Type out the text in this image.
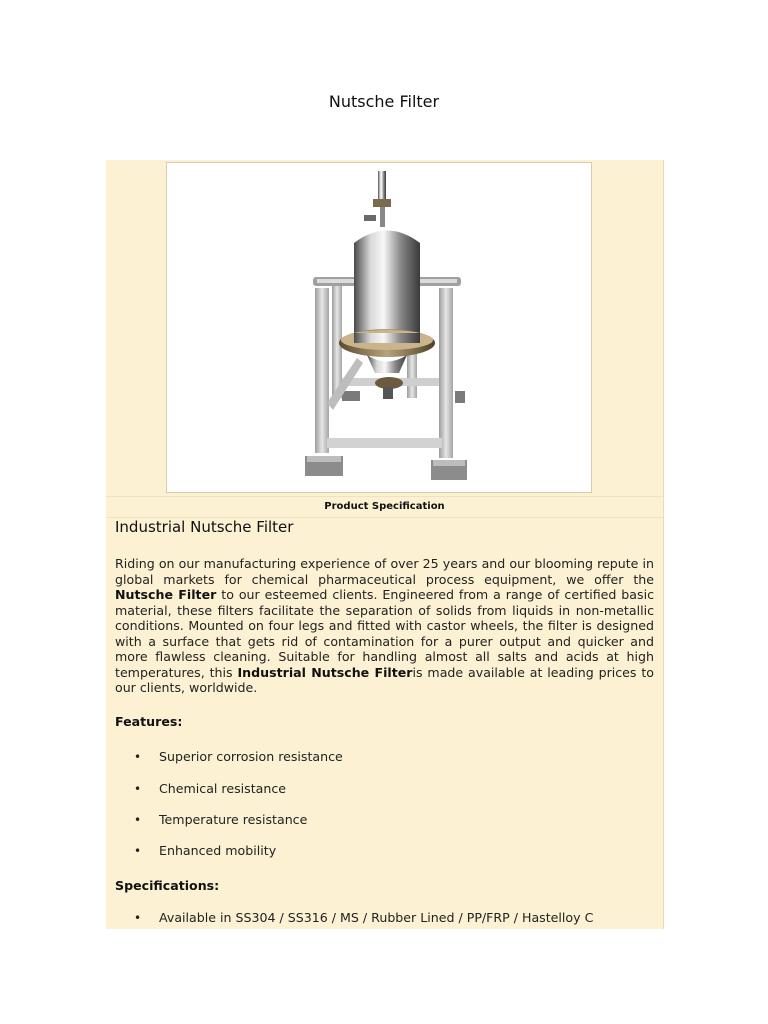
Nutsche Filter
Product Specification
Industrial Nutsche Filter

Riding on our manufacturing experience of over 25 years and our blooming repute in global markets for chemical pharmaceutical process equipment, we offer the Nutsche Filter to our esteemed clients. Engineered from a range of certified basic material, these filters facilitate the separation of solids from liquids in non-metallic conditions. Mounted on four legs and fitted with castor wheels, the filter is designed with a surface that gets rid of contamination for a purer output and quicker and more flawless cleaning. Suitable for handling almost all salts and acids at high temperatures, this Industrial Nutsche Filteris made available at leading prices to our clients, worldwide.

Features:
• Superior corrosion resistance
• Chemical resistance
• Temperature resistance
• Enhanced mobility
Specifications:
• Available in SS304 / SS316 / MS / Rubber Lined / PP/FRP / Hastelloy C
